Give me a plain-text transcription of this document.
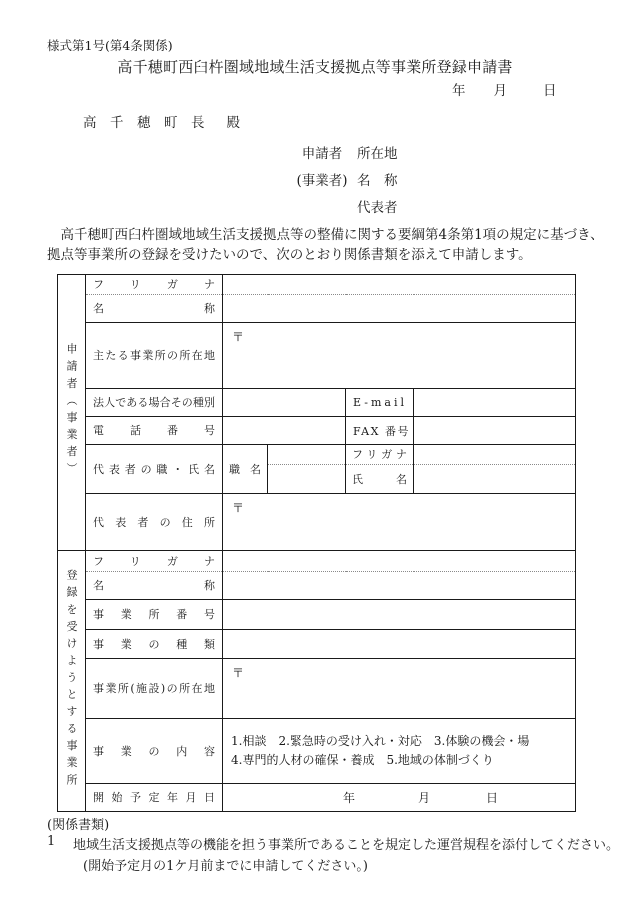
様式第1号(第4条関係)
高千穂町西臼杵圏域地域生活支援拠点等事業所登録申請書
年 月	日
高　千　穂　町　長 殿
申請者	所在地
(事業者) 名　称
代表者
高千穂町西臼杵圏域地域生活支援拠点等の整備に関する要綱第4条第1項の規定に基づき、
拠点等事業所の登録を受けたいので、次のとおり関係書類を添えて申請します。
申請者（事業者）	フリガナ				

	名称				

	主たる事業所の所在地	〒			

	法人である場合その種別			E-mail	

	電話番号			FAX 番号	

	代表者の職・氏名	職名		フリガナ	

				氏名	

	代表者の住所	〒			

登録を受けようとする事業所	フリガナ				

	名称				

	事業所番号				

	事業の種類				

	事業所(施設)の所在地	〒			

	事業の内容	1.相談　2.緊急時の受け入れ・対応　3.体験の機会・場
4.専門的人材の確保・養成　5.地域の体制づくり			

	開始予定年月日	年 月 日			
(関係書類)
1	地域生活支援拠点等の機能を担う事業所であることを規定した運営規程を添付してください。
(開始予定月の1ケ月前までに申請してください。)
